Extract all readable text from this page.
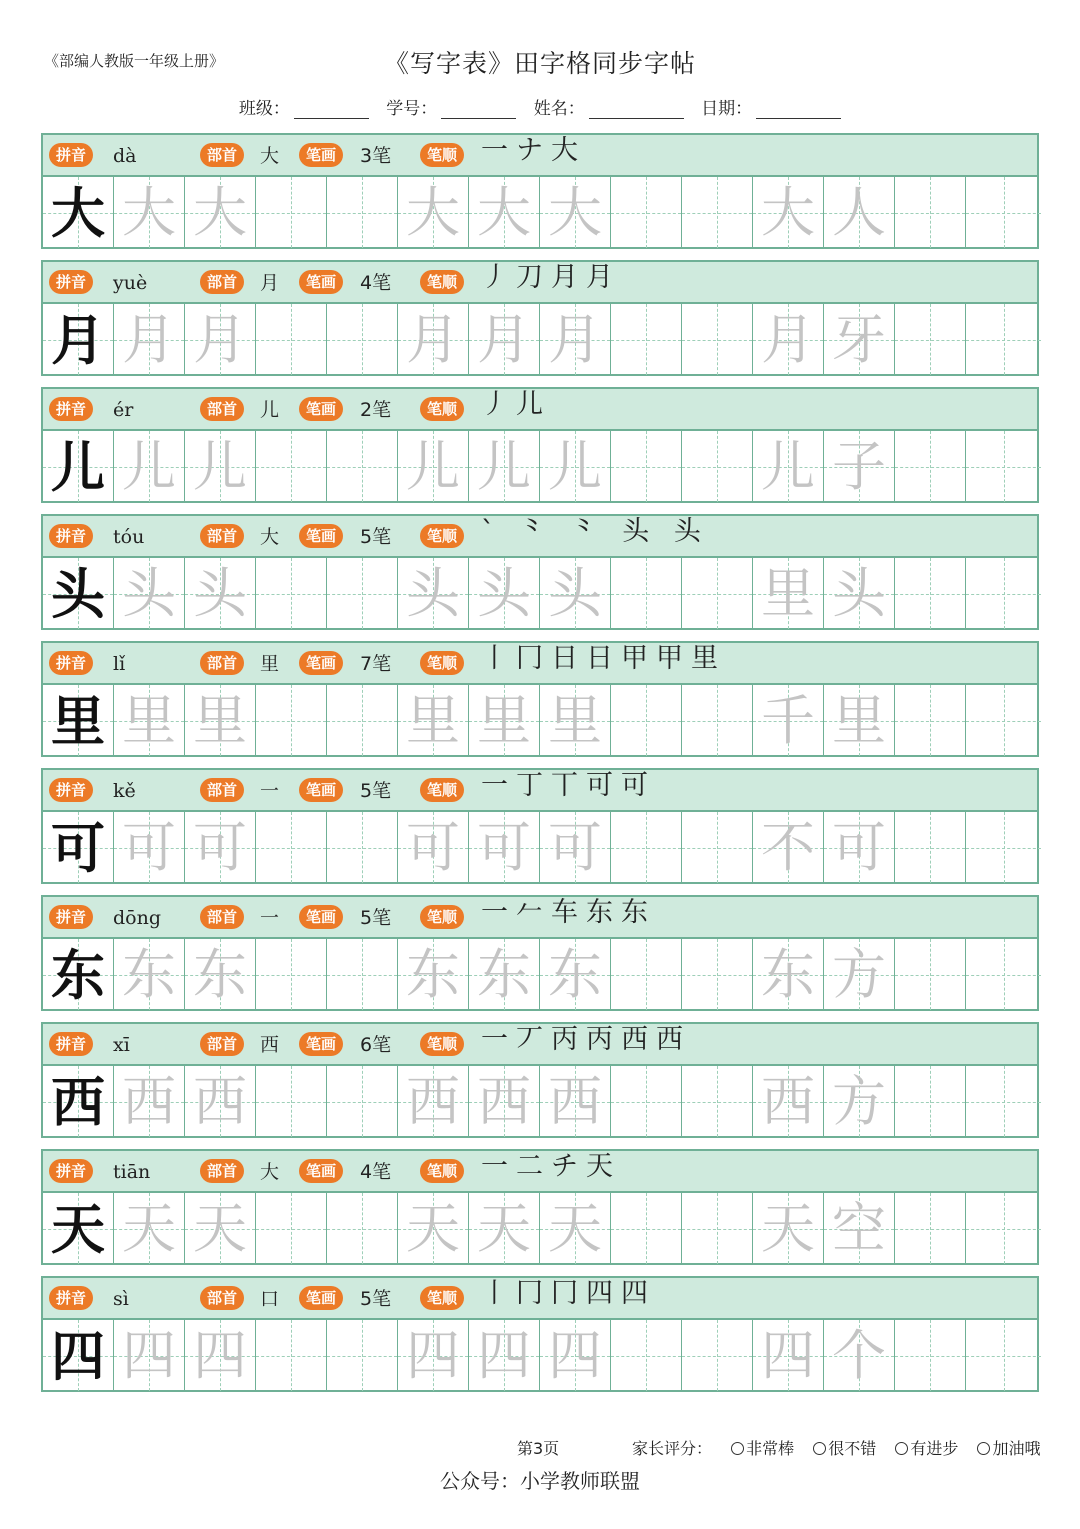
《部编人教版一年级上册》	《写字表》田字格同步字帖
班级：	学号：	姓名：	日期：
拼音	dà	部首	大	笔画	3笔	笔顺 一ナ大
大 大 大	大 大 大	大 人
拼音	yuè	部首	月	笔画	4笔	笔顺 丿刀月月
月 月 月	月 月 月	月 牙
拼音	ér	部首	儿	笔画	2笔	笔顺 丿儿
儿 儿 儿	儿 儿 儿	儿 子
拼音	tóu	部首	大	笔画	5笔	笔顺 ` ⺀ ⺀ 头 头
头 头 头	头 头 头	里 头
拼音	lǐ	部首	里	笔画	7笔	笔顺 丨冂日日甲甲里
里 里 里	里 里 里	千 里
拼音	kě	部首	一	笔画	5笔	笔顺 一丁丅可可
可 可 可	可 可 可	不 可
拼音	dōng	部首	一	笔画	5笔	笔顺 一𠂉车东东
东 东 东	东 东 东	东 方
拼音	xī	部首	西	笔画	6笔	笔顺 一丆丙丙西西
西 西 西	西 西 西	西 方
拼音	tiān	部首	大	笔画	4笔	笔顺 一二チ天
天 天 天	天 天 天	天 空
拼音	sì	部首	口	笔画	5笔	笔顺 丨冂冂四四
四 四 四	四 四 四	四 个
第3页	家长评分： 非常棒 很不错 有进步 加油哦
公众号：小学教师联盟
